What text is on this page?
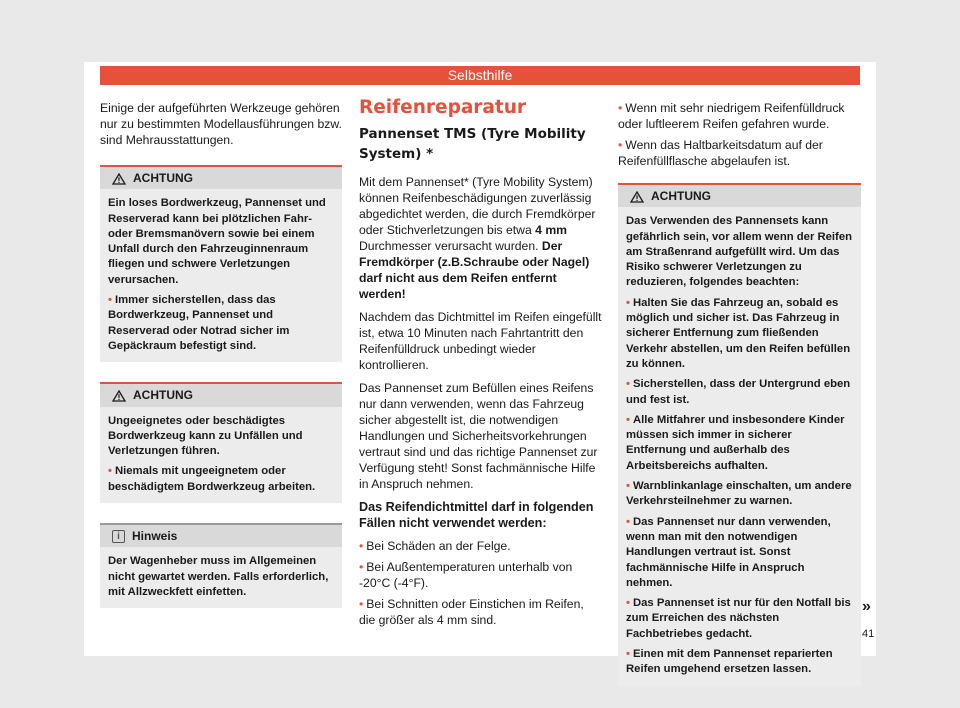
Selbsthilfe

Einige der aufgeführten Werkzeuge gehören nur zu bestimmten Modellausführungen bzw. sind Mehrausstattungen.

ACHTUNG

Ein loses Bordwerkzeug, Pannenset und Reserverad kann bei plötzlichen Fahr- oder Bremsmanövern sowie bei einem Unfall durch den Fahrzeuginnenraum fliegen und schwere Verletzungen verursachen.

• Immer sicherstellen, dass das Bordwerkzeug, Pannenset und Reserverad oder Notrad sicher im Gepäckraum befestigt sind.

ACHTUNG

Ungeeignetes oder beschädigtes Bordwerkzeug kann zu Unfällen und Verletzungen führen.

• Niemals mit ungeeignetem oder beschädigtem Bordwerkzeug arbeiten.

i	Hinweis

Der Wagenheber muss im Allgemeinen nicht gewartet werden. Falls erforderlich, mit Allzweckfett einfetten.

Reifenreparatur
Pannenset TMS (Tyre Mobility System) *

Mit dem Pannenset* (Tyre Mobility System) können Reifenbeschädigungen zuverlässig abgedichtet werden, die durch Fremdkörper oder Stichverletzungen bis etwa 4 mm Durchmesser verursacht wurden. Der Fremdkörper (z.B.Schraube oder Nagel) darf nicht aus dem Reifen entfernt werden!

Nachdem das Dichtmittel im Reifen eingefüllt ist, etwa 10 Minuten nach Fahrtantritt den Reifenfülldruck unbedingt wieder kontrollieren.

Das Pannenset zum Befüllen eines Reifens nur dann verwenden, wenn das Fahrzeug sicher abgestellt ist, die notwendigen Handlungen und Sicherheitsvorkehrungen vertraut sind und das richtige Pannenset zur Verfügung steht! Sonst fachmännische Hilfe in Anspruch nehmen.

Das Reifendichtmittel darf in folgenden Fällen nicht verwendet werden:

• Bei Schäden an der Felge.

• Bei Außentemperaturen unterhalb von -20°C (-4°F).

• Bei Schnitten oder Einstichen im Reifen, die größer als 4 mm sind.

• Wenn mit sehr niedrigem Reifenfülldruck oder luftleerem Reifen gefahren wurde.

• Wenn das Haltbarkeitsdatum auf der Reifenfüllflasche abgelaufen ist.

ACHTUNG

Das Verwenden des Pannensets kann gefährlich sein, vor allem wenn der Reifen am Straßenrand aufgefüllt wird. Um das Risiko schwerer Verletzungen zu reduzieren, folgendes beachten:

• Halten Sie das Fahrzeug an, sobald es möglich und sicher ist. Das Fahrzeug in sicherer Entfernung zum fließenden Verkehr abstellen, um den Reifen befüllen zu können.

• Sicherstellen, dass der Untergrund eben und fest ist.

• Alle Mitfahrer und insbesondere Kinder müssen sich immer in sicherer Entfernung und außerhalb des Arbeitsbereichs aufhalten.

• Warnblinkanlage einschalten, um andere Verkehrsteilnehmer zu warnen.

• Das Pannenset nur dann verwenden, wenn man mit den notwendigen Handlungen vertraut ist. Sonst fachmännische Hilfe in Anspruch nehmen.

• Das Pannenset ist nur für den Notfall bis zum Erreichen des nächsten Fachbetriebes gedacht.

• Einen mit dem Pannenset reparierten Reifen umgehend ersetzen lassen.

»
41
